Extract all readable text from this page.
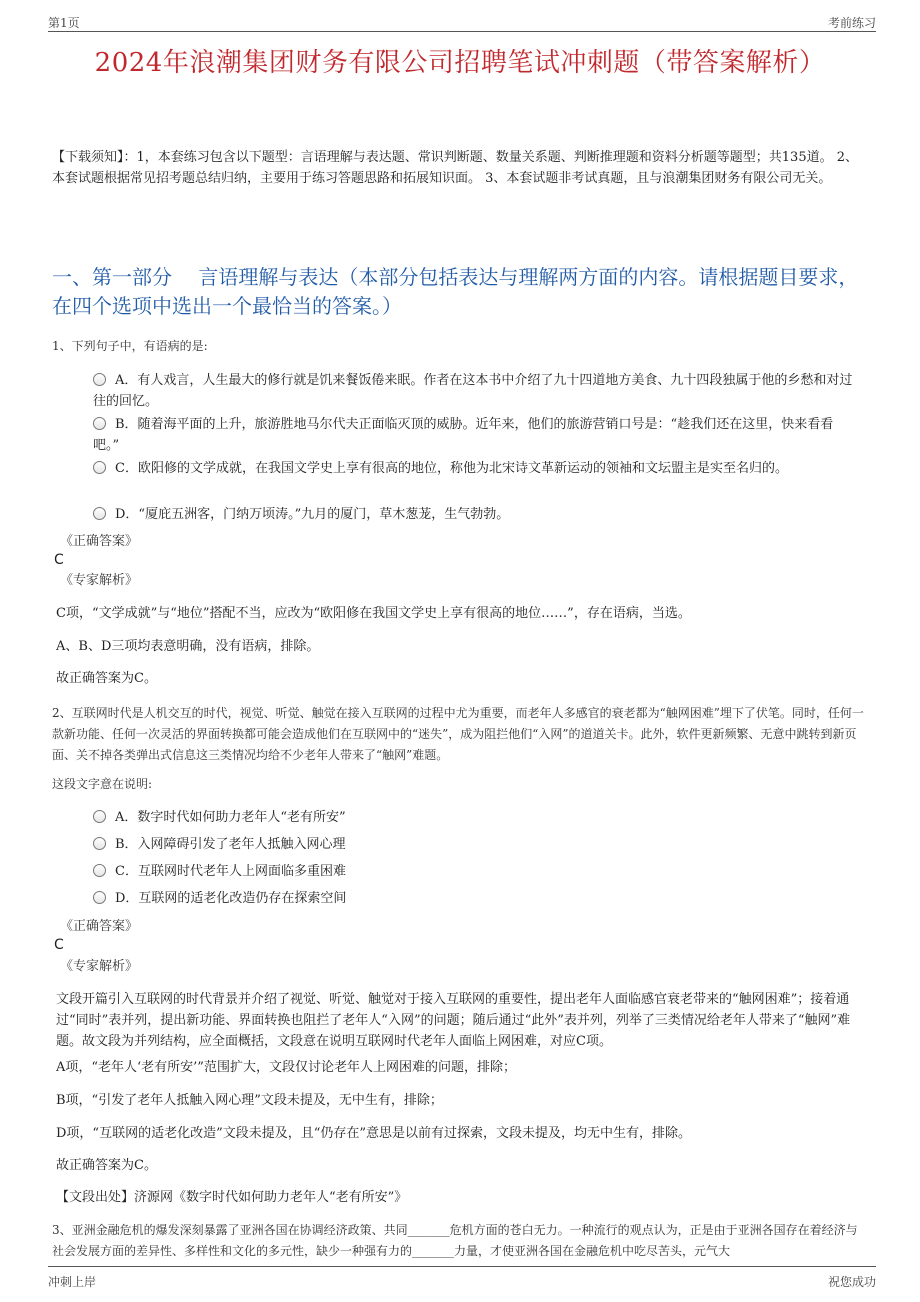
第1页	考前练习
2024年浪潮集团财务有限公司招聘笔试冲刺题（带答案解析）

【下载须知】：1，本套练习包含以下题型：言语理解与表达题、常识判断题、数量关系题、判断推理题和资料分析题等题型；共135道。 2、本套试题根据常见招考题总结归纳，主要用于练习答题思路和拓展知识面。 3、本套试题非考试真题，且与浪潮集团财务有限公司无关。

一、第一部分　 言语理解与表达（本部分包括表达与理解两方面的内容。请根据题目要求，在四个选项中选出一个最恰当的答案。）

1、下列句子中，有语病的是:

A．有人戏言，人生最大的修行就是饥来餐饭倦来眠。作者在这本书中介绍了九十四道地方美食、九十四段独属于他的乡愁和对过往的回忆。
B．随着海平面的上升，旅游胜地马尔代夫正面临灭顶的威胁。近年来，他们的旅游营销口号是：“趁我们还在这里，快来看看吧。”
C．欧阳修的文学成就，在我国文学史上享有很高的地位，称他为北宋诗文革新运动的领袖和文坛盟主是实至名归的。
D．“厦庇五洲客，门纳万顷涛。”九月的厦门，草木葱茏，生气勃勃。
《正确答案》
C
《专家解析》

C项，“文学成就”与“地位”搭配不当，应改为“欧阳修在我国文学史上享有很高的地位……”，存在语病，当选。

A、B、D三项均表意明确，没有语病，排除。

故正确答案为C。

2、互联网时代是人机交互的时代，视觉、听觉、触觉在接入互联网的过程中尤为重要，而老年人多感官的衰老都为“触网困难”埋下了伏笔。同时，任何一款新功能、任何一次灵活的界面转换都可能会造成他们在互联网中的“迷失”，成为阻拦他们“入网”的道道关卡。此外，软件更新频繁、无意中跳转到新页面、关不掉各类弹出式信息这三类情况均给不少老年人带来了“触网”难题。

这段文字意在说明:

A．数字时代如何助力老年人“老有所安”
B．入网障碍引发了老年人抵触入网心理
C．互联网时代老年人上网面临多重困难
D．互联网的适老化改造仍存在探索空间
《正确答案》
C
《专家解析》

文段开篇引入互联网的时代背景并介绍了视觉、听觉、触觉对于接入互联网的重要性，提出老年人面临感官衰老带来的“触网困难”；接着通过“同时”表并列，提出新功能、界面转换也阻拦了老年人“入网”的问题；随后通过“此外”表并列，列举了三类情况给老年人带来了“触网”难题。故文段为并列结构，应全面概括，文段意在说明互联网时代老年人面临上网困难，对应C项。

A项，“老年人‘老有所安’”范围扩大，文段仅讨论老年人上网困难的问题，排除；

B项，“引发了老年人抵触入网心理”文段未提及，无中生有，排除；

D项，“互联网的适老化改造”文段未提及，且“仍存在”意思是以前有过探索，文段未提及，均无中生有，排除。

故正确答案为C。

【文段出处】济源网《数字时代如何助力老年人“老有所安”》

3、亚洲金融危机的爆发深刻暴露了亚洲各国在协调经济政策、共同_______危机方面的苍白无力。一种流行的观点认为，正是由于亚洲各国存在着经济与社会发展方面的差异性、多样性和文化的多元性，缺少一种强有力的_______力量，才使亚洲各国在金融危机中吃尽苦头，元气大

冲刺上岸	祝您成功
